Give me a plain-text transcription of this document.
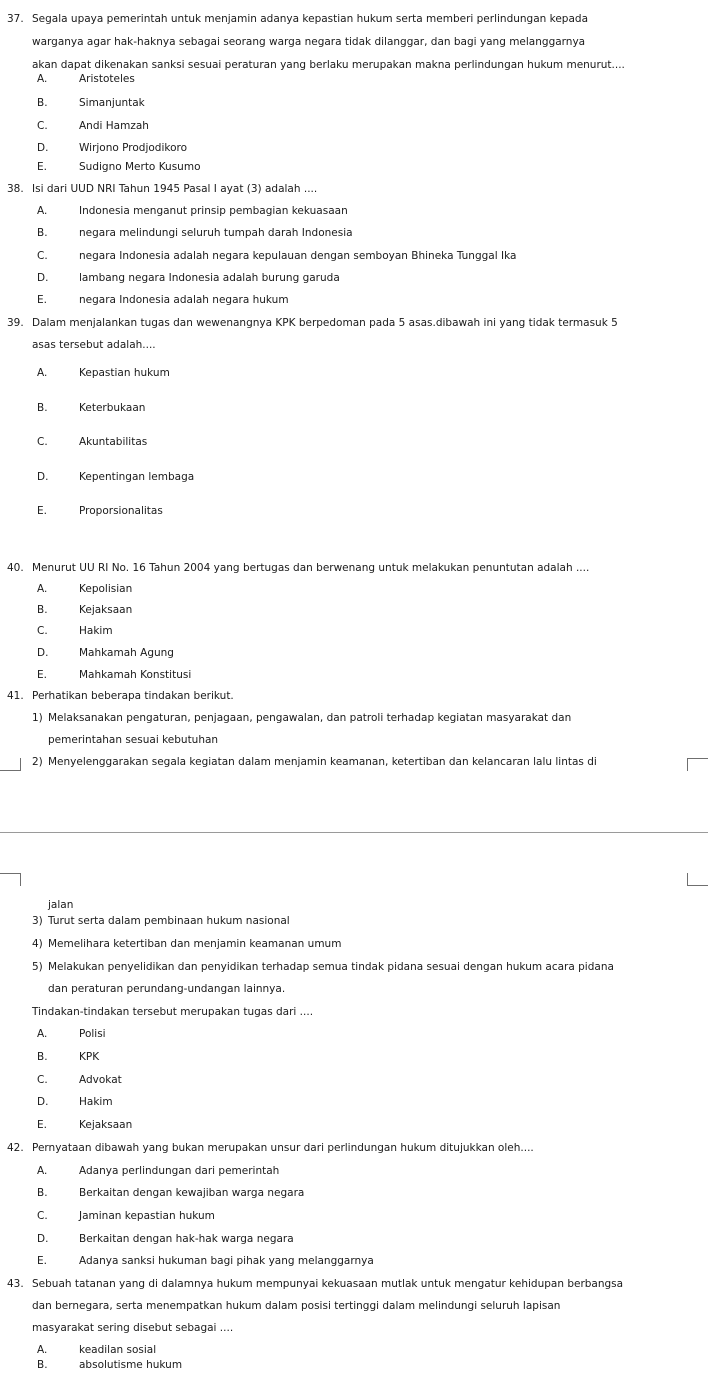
37. Segala upaya pemerintah untuk menjamin adanya kepastian hukum serta memberi perlindungan kepada
warganya agar hak-haknya sebagai seorang warga negara tidak dilanggar, dan bagi yang melanggarnya
akan dapat dikenakan sanksi sesuai peraturan yang berlaku merupakan makna perlindungan hukum menurut....
A.	Aristoteles
B.	Simanjuntak
C.	Andi Hamzah
D.	Wirjono Prodjodikoro
E.	Sudigno Merto Kusumo
38. Isi dari UUD NRI Tahun 1945 Pasal I ayat (3) adalah ....
A.	Indonesia menganut prinsip pembagian kekuasaan
B.	negara melindungi seluruh tumpah darah Indonesia
C.	negara Indonesia adalah negara kepulauan dengan semboyan Bhineka Tunggal Ika
D.	lambang negara Indonesia adalah burung garuda
E.	negara Indonesia adalah negara hukum
39. Dalam menjalankan tugas dan wewenangnya KPK berpedoman pada 5 asas.dibawah ini yang tidak termasuk 5
asas tersebut adalah....
A.	Kepastian hukum
B.	Keterbukaan
C.	Akuntabilitas
D.	Kepentingan lembaga
E.	Proporsionalitas
40. Menurut UU RI No. 16 Tahun 2004 yang bertugas dan berwenang untuk melakukan penuntutan adalah ....
A.	Kepolisian
B.	Kejaksaan
C.	Hakim
D.	Mahkamah Agung
E.	Mahkamah Konstitusi
41. Perhatikan beberapa tindakan berikut.
1) Melaksanakan pengaturan, penjagaan, pengawalan, dan patroli terhadap kegiatan masyarakat dan
pemerintahan sesuai kebutuhan
2) Menyelenggarakan segala kegiatan dalam menjamin keamanan, ketertiban dan kelancaran lalu lintas di
jalan
3) Turut serta dalam pembinaan hukum nasional
4) Memelihara ketertiban dan menjamin keamanan umum
5) Melakukan penyelidikan dan penyidikan terhadap semua tindak pidana sesuai dengan hukum acara pidana
dan peraturan perundang-undangan lainnya.
Tindakan-tindakan tersebut merupakan tugas dari ....
A.	Polisi
B.	KPK
C.	Advokat
D.	Hakim
E.	Kejaksaan
42. Pernyataan dibawah yang bukan merupakan unsur dari perlindungan hukum ditujukkan oleh....
A.	Adanya perlindungan dari pemerintah
B.	Berkaitan dengan kewajiban warga negara
C.	Jaminan kepastian hukum
D.	Berkaitan dengan hak-hak warga negara
E.	Adanya sanksi hukuman bagi pihak yang melanggarnya
43. Sebuah tatanan yang di dalamnya hukum mempunyai kekuasaan mutlak untuk mengatur kehidupan berbangsa
dan bernegara, serta menempatkan hukum dalam posisi tertinggi dalam melindungi seluruh lapisan
masyarakat sering disebut sebagai ....
A.	keadilan sosial
B.	absolutisme hukum
